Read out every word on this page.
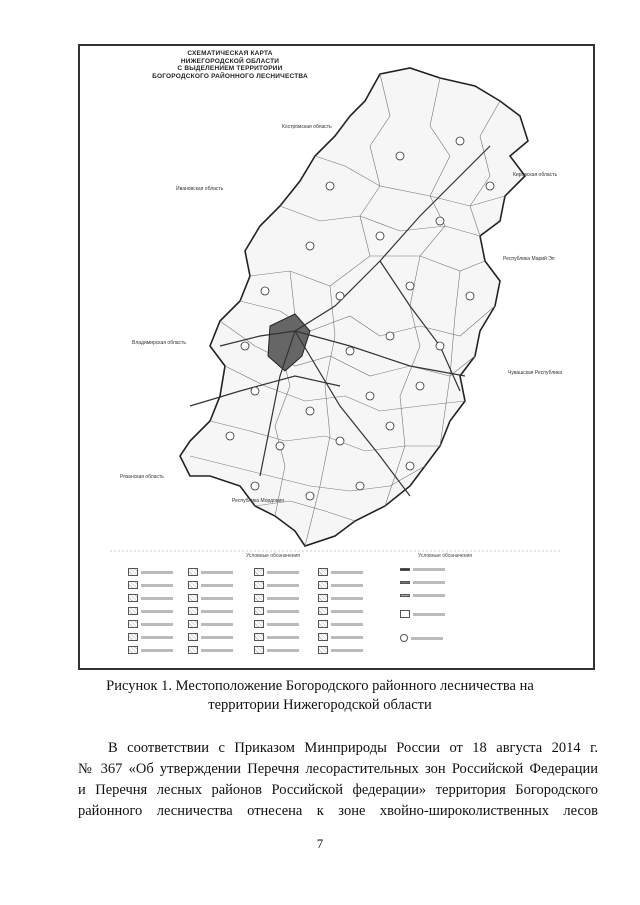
СХЕМАТИЧЕСКАЯ КАРТА
НИЖЕГОРОДСКОЙ ОБЛАСТИ
С ВЫДЕЛЕНИЕМ ТЕРРИТОРИИ
БОГОРОДСКОГО РАЙОННОГО ЛЕСНИЧЕСТВА
Костромская область
Ивановская область
Кировская область
Республика Марий Эл
Владимирская область
Чувашская Республика
Рязанская область
Республика Мордовия
Условные обозначения	Условные обозначения
Рисунок 1. Местоположение Богородского районного лесничества на
территории Нижегородской области
В соответствии с Приказом Минприроды России от 18 августа 2014 г.
№ 367 «Об утверждении Перечня лесорастительных зон Российской Федерации
и Перечня лесных районов Российской федерации» территория Богородского
районного лесничества отнесена к зоне хвойно-широколиственных лесов
7
